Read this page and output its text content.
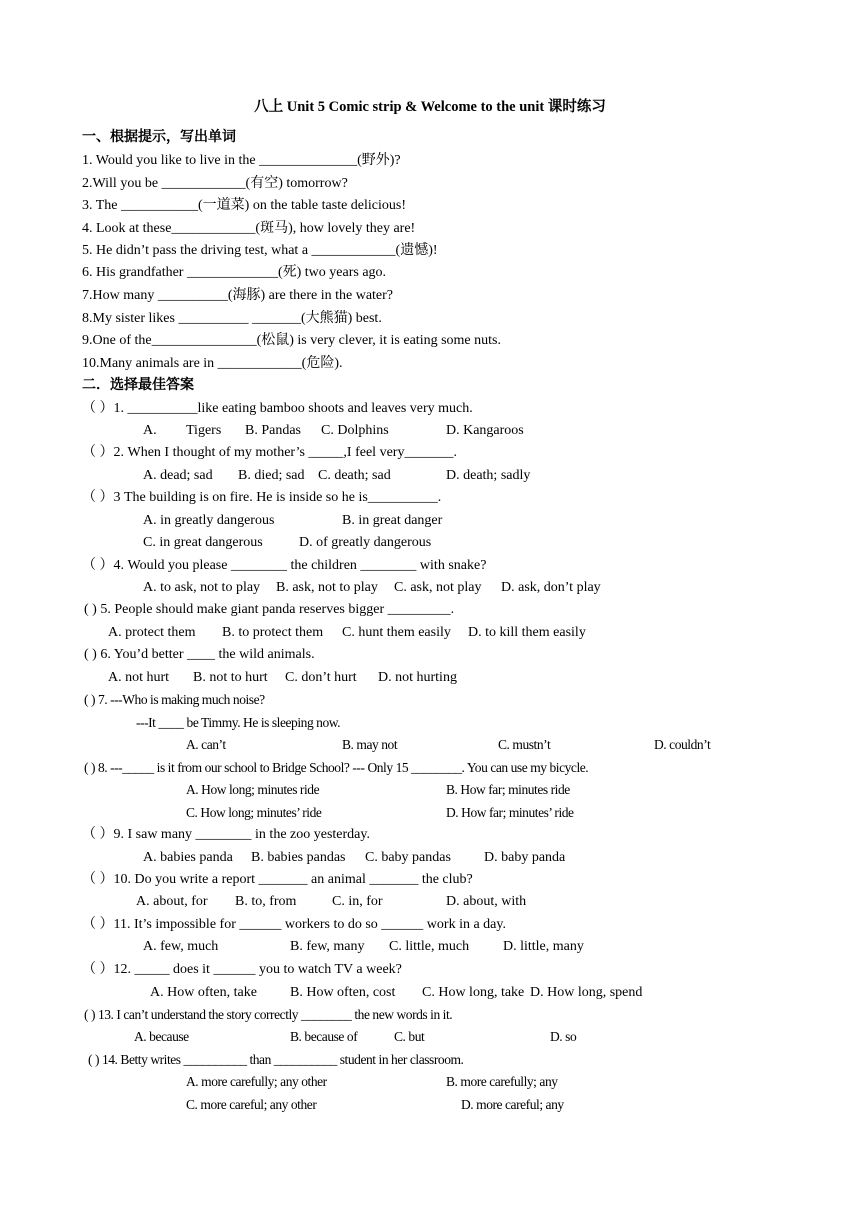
八上 Unit 5 Comic strip & Welcome to the unit 课时练习
一、根据提示，写出单词
1. Would you like to live in the ______________(野外)?
2.Will you be ____________(有空) tomorrow?
3. The ___________(一道菜) on the table taste delicious!
4. Look at these____________(斑马), how lovely they are!
5. He didn’t pass the driving test, what a ____________(遗憾)!
6. His grandfather _____________(死) two years ago.
7.How many __________(海豚) are there in the water?
8.My sister likes __________ _______(大熊猫) best.
9.One of the_______________(松鼠) is very clever, it is eating some nuts.
10.Many animals are in ____________(危险).
二．选择最佳答案
（ ）1. __________like eating bamboo shoots and leaves very much.
A. Tigers B. Pandas C. Dolphins	D. Kangaroos
（ ）2. When I thought of my mother’s _____,I feel very_______.
A. dead; sad B. died; sad C. death; sad	D. death; sadly
（ ）3 The building is on fire. He is inside so he is__________.
A. in greatly dangerous	B. in great danger
C. in great dangerous	D. of greatly dangerous
（ ）4. Would you please ________ the children ________ with snake?
A. to ask, not to play B. ask, not to play C. ask, not play D. ask, don’t play
( ) 5. People should make giant panda reserves bigger _________.
A. protect them B. to protect them C. hunt them easily D. to kill them easily
( ) 6. You’d better ____ the wild animals.
A. not hurt B. not to hurt C. don’t hurt D. not hurting
( ) 7. ---Who is making much noise?
---It ____ be Timmy. He is sleeping now.
A. can’t	B. may not	C. mustn’t	D. couldn’t
( ) 8. ---_____ is it from our school to Bridge School? --- Only 15 ________. You can use my bicycle.
A. How long; minutes ride	B. How far; minutes ride
C. How long; minutes’ ride	D. How far; minutes’ ride
（ ）9. I saw many ________ in the zoo yesterday.
A. babies panda B. babies pandas C. baby pandas D. baby panda
（ ）10. Do you write a report _______ an animal _______ the club?
A. about, for B. to, from	C. in, for	D. about, with
（ ）11. It’s impossible for ______ workers to do so ______ work in a day.
A. few, much	B. few, many C. little, much D. little, many
（ ）12. _____ does it ______ you to watch TV a week?
A. How often, take B. How often, cost C. How long, take D. How long, spend
( ) 13. I can’t understand the story correctly ________ the new words in it.
A. because	B. because of	C. but	D. so
( ) 14. Betty writes __________ than __________ student in her classroom.
A. more carefully; any other	B. more carefully; any
C. more careful; any other	D. more careful; any
